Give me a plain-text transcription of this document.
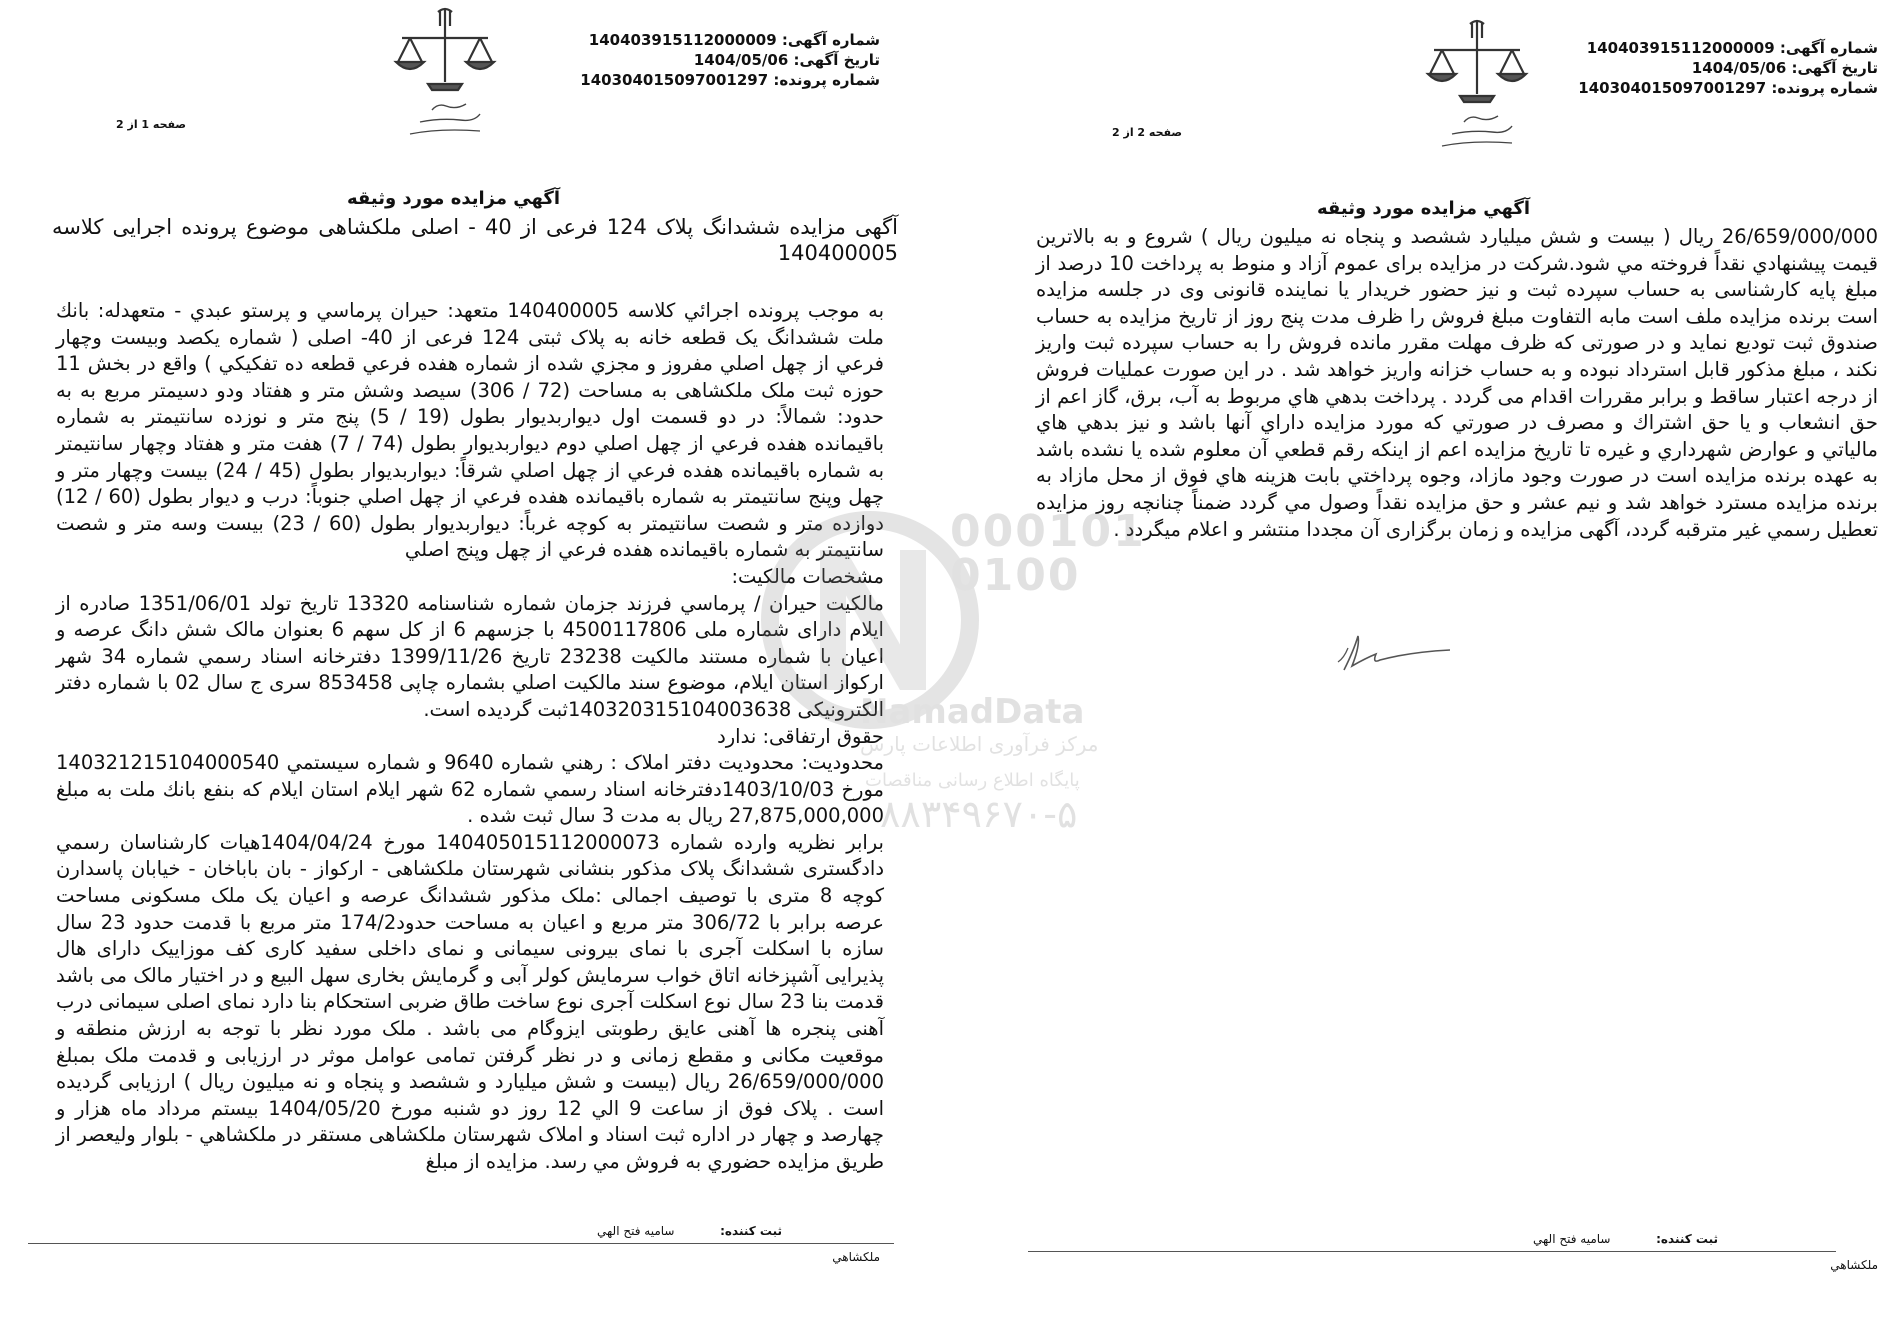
شماره آگهی: 140403915112000009
تاریخ آگهی: 1404/05/06
شماره پرونده: 140304015097001297
صفحه 1 از 2
آگهي مزايده مورد وثيقه
آگهی مزایده ششدانگ پلاک 124 فرعی از 40 - اصلی ملکشاهی موضوع پرونده اجرایی کلاسه 140400005

به موجب پرونده اجرائي كلاسه 140400005 متعهد: حيران پرماسي و پرستو عبدي - متعهدله: بانك ملت ششدانگ یک قطعه خانه به پلاک ثبتی 124 فرعی از 40- اصلی ( شماره يكصد وبيست وچهار فرعي از چهل اصلي مفروز و مجزي شده از شماره هفده فرعي قطعه ده تفكيكي ) واقع در بخش 11 حوزه ثبت ملک ملکشاهی به مساحت (72 / 306) سيصد وشش متر و هفتاد ودو دسيمتر مربع به به حدود: شمالاً: در دو قسمت اول ديواربديوار بطول (19 / 5) پنج متر و نوزده سانتيمتر به شماره باقيمانده هفده فرعي از چهل اصلي دوم ديواربديوار بطول (74 / 7) هفت متر و هفتاد وچهار سانتيمتر به شماره باقيمانده هفده فرعي از چهل اصلي شرقاً: ديواربديوار بطول (45 / 24) بيست وچهار متر و چهل وپنج سانتيمتر به شماره باقيمانده هفده فرعي از چهل اصلي جنوباً: درب و ديوار بطول (60 / 12) دوازده متر و شصت سانتيمتر به كوچه غرباً: ديواربديوار بطول (60 / 23) بيست وسه متر و شصت سانتيمتر به شماره باقيمانده هفده فرعي از چهل وپنج اصلي

مشخصات مالکیت:

مالكيت حيران / پرماسي فرزند جزمان شماره شناسنامه 13320 تاریخ تولد 1351/06/01 صادره از ايلام دارای شماره ملی 4500117806 با جزسهم 6 از کل سهم 6 بعنوان مالک شش دانگ عرصه و اعيان با شماره مستند مالكيت 23238 تاريخ 1399/11/26 دفترخانه اسناد رسمي شماره 34 شهر اركواز استان ايلام، موضوع سند مالکيت اصلي بشماره چاپی 853458 سری ج سال 02 با شماره دفتر الکترونیکی 140320315104003638ثبت گرديده است.

حقوق ارتفاقی: ندارد

محدودیت: محدوديت دفتر املاک : رهني شماره 9640 و شماره سيستمي 140321215104000540 مورخ 1403/10/03دفترخانه اسناد رسمي شماره 62 شهر ايلام استان ايلام كه بنفع بانك ملت به مبلغ 27,875,000,000 ريال به مدت 3 سال ثبت شده .

برابر نظریه وارده شماره 140405015112000073 مورخ 1404/04/24هيات كارشناسان رسمي دادگستری ششدانگ پلاک مذکور بنشانی شهرستان ملکشاهی - ارکواز - بان باباخان - خیابان پاسدارن کوچه 8 متری با توصیف اجمالی :ملک مذکور ششدانگ عرصه و اعیان یک ملک مسکونی مساحت عرصه برابر با 306/72 متر مربع و اعیان به مساحت حدود174/2 متر مربع با قدمت حدود 23 سال سازه با اسکلت آجری با نمای بیرونی سیمانی و نمای داخلی سفید کاری کف موزاییک دارای هال پذیرایی آشپزخانه اتاق خواب سرمایش کولر آبی و گرمایش بخاری سهل البیع و در اختیار مالک می باشد قدمت بنا 23 سال نوع اسکلت آجری نوع ساخت طاق ضربی استحکام بنا دارد نمای اصلی سیمانی درب آهنی پنجره ها آهنی عایق رطوبتی ایزوگام می باشد . ملک مورد نظر با توجه به ارزش منطقه و موقعیت مکانی و مقطع زمانی و در نظر گرفتن تمامی عوامل موثر در ارزیابی و قدمت ملک بمبلغ 26/659/000/000 ريال (بیست و شش میلیارد و ششصد و پنجاه و نه میلیون ریال ) ارزیابی گرديده است . پلاک فوق از ساعت 9 الي 12 روز دو شنبه مورخ 1404/05/20 بيستم مرداد ماه هزار و چهارصد و چهار در اداره ثبت اسناد و املاک شهرستان ملکشاهی مستقر در ملكشاهي - بلوار وليعصر از طريق مزايده حضوري به فروش مي رسد. مزایده از مبلغ

ثبت کننده:  سامیه فتح الهي
ملكشاهي
شماره آگهی: 140403915112000009
تاریخ آگهی: 1404/05/06
شماره پرونده: 140304015097001297
صفحه 2 از 2
آگهي مزايده مورد وثيقه

26/659/000/000 ریال ( بیست و شش میلیارد ششصد و پنجاه نه میلیون ریال ) شروع و به بالاترين قيمت پيشنهادي نقداً فروخته مي شود.شرکت در مزایده برای عموم آزاد و منوط به پرداخت 10 درصد از مبلغ پایه کارشناسی به حساب سپرده ثبت و نیز حضور خریدار یا نماینده قانونی وی در جلسه مزایده است برنده مزایده ملف است مابه التفاوت مبلغ فروش را ظرف مدت پنج روز از تاریخ مزایده به حساب صندوق ثبت تودیع نماید و در صورتی که ظرف مهلت مقرر مانده فروش را به حساب سپرده ثبت واریز نکند ، مبلغ مذکور قابل استرداد نبوده و به حساب خزانه واریز خواهد شد . در این صورت عملیات فروش از درجه اعتبار ساقط و برابر مقررات اقدام می گردد . پرداخت بدهي هاي مربوط به آب، برق، گاز اعم از حق انشعاب و يا حق اشتراك و مصرف در صورتي كه مورد مزايده داراي آنها باشد و نيز بدهي هاي مالياتي و عوارض شهرداري و غيره تا تاريخ مزايده اعم از اينكه رقم قطعي آن معلوم شده يا نشده باشد به عهده برنده مزايده است در صورت وجود مازاد، وجوه پرداختي بابت هزينه هاي فوق از محل مازاد به برنده مزايده مسترد خواهد شد و نيم عشر و حق مزايده نقداً وصول مي گردد ضمناً چنانچه روز مزايده تعطيل رسمي غير مترقبه گردد، آگهی مزایده و زمان برگزاری آن مجددا منتشر و اعلام ميگردد .

ثبت کننده:  سامیه فتح الهي
ملكشاهي
0001010100
NamadData
مرکز فرآوری اطلاعات پارس
پایگاه اطلاع رسانی مناقصات
۸۸۳۴۹۶۷۰-۵
